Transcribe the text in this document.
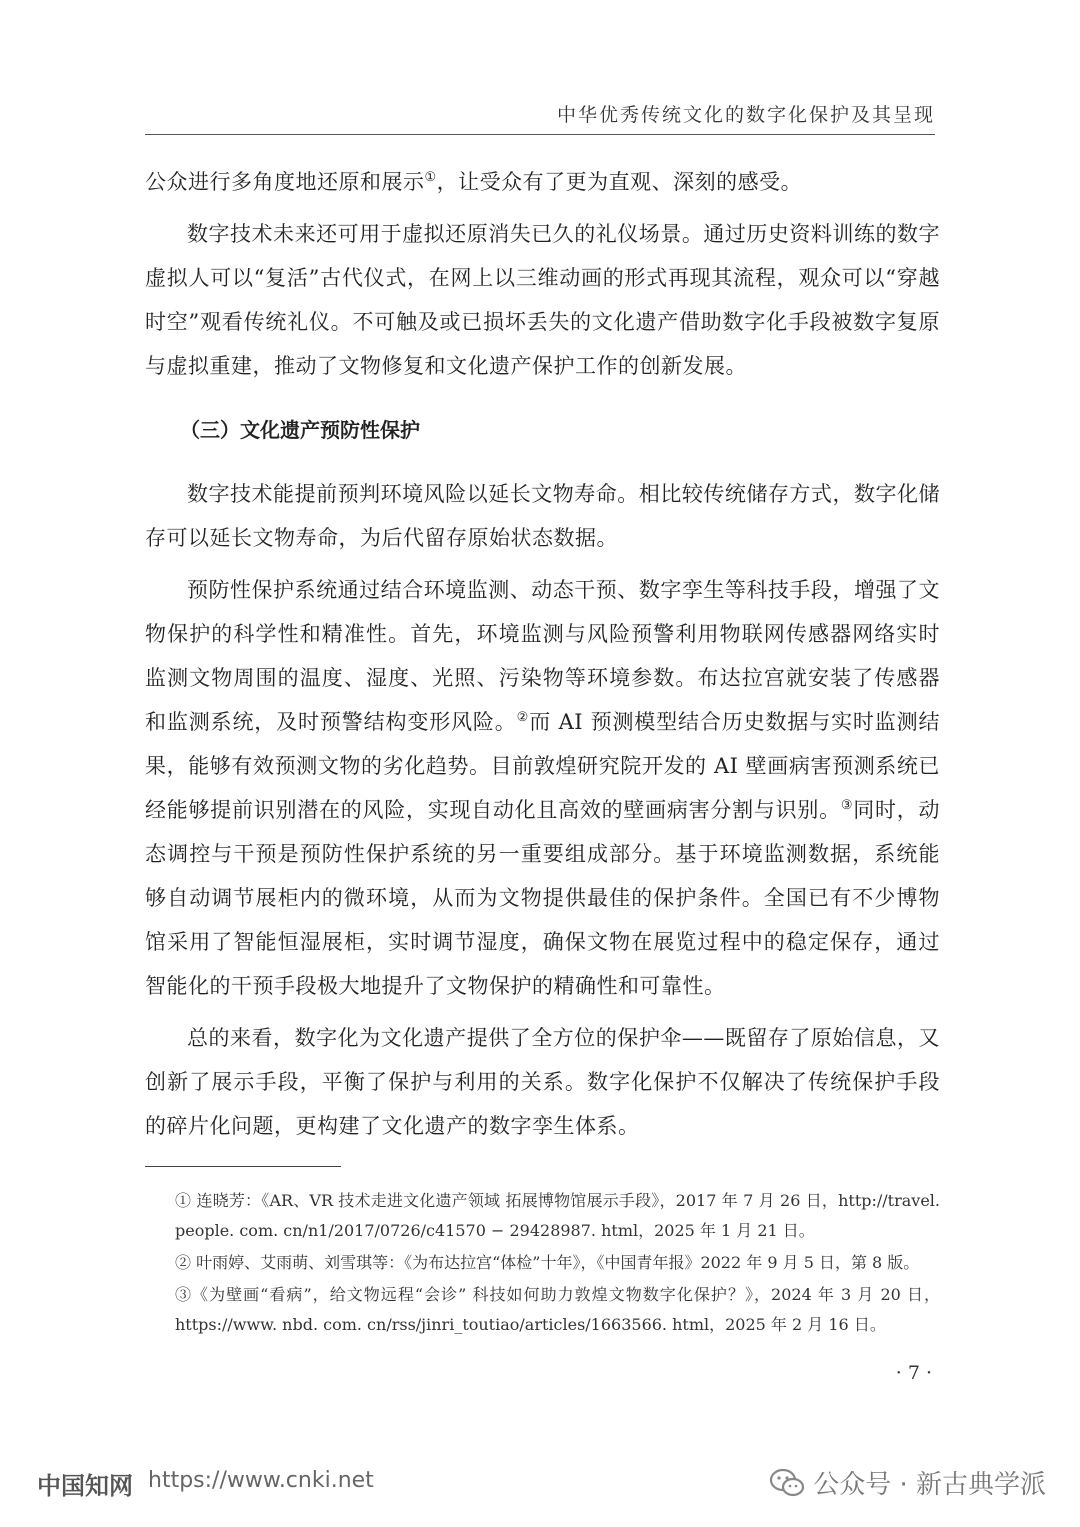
中华优秀传统文化的数字化保护及其呈现

公众进行多角度地还原和展示①，让受众有了更为直观、深刻的感受。

数字技术未来还可用于虚拟还原消失已久的礼仪场景。通过历史资料训练的数字虚拟人可以“复活”古代仪式，在网上以三维动画的形式再现其流程，观众可以“穿越时空”观看传统礼仪。不可触及或已损坏丢失的文化遗产借助数字化手段被数字复原与虚拟重建，推动了文物修复和文化遗产保护工作的创新发展。

（三）文化遗产预防性保护

数字技术能提前预判环境风险以延长文物寿命。相比较传统储存方式，数字化储存可以延长文物寿命，为后代留存原始状态数据。

预防性保护系统通过结合环境监测、动态干预、数字孪生等科技手段，增强了文物保护的科学性和精准性。首先，环境监测与风险预警利用物联网传感器网络实时监测文物周围的温度、湿度、光照、污染物等环境参数。布达拉宫就安装了传感器和监测系统，及时预警结构变形风险。②而 AI 预测模型结合历史数据与实时监测结果，能够有效预测文物的劣化趋势。目前敦煌研究院开发的 AI 壁画病害预测系统已经能够提前识别潜在的风险，实现自动化且高效的壁画病害分割与识别。③同时，动态调控与干预是预防性保护系统的另一重要组成部分。基于环境监测数据，系统能够自动调节展柜内的微环境，从而为文物提供最佳的保护条件。全国已有不少博物馆采用了智能恒湿展柜，实时调节湿度，确保文物在展览过程中的稳定保存，通过智能化的干预手段极大地提升了文物保护的精确性和可靠性。

总的来看，数字化为文化遗产提供了全方位的保护伞——既留存了原始信息，又创新了展示手段，平衡了保护与利用的关系。数字化保护不仅解决了传统保护手段的碎片化问题，更构建了文化遗产的数字孪生体系。

① 连晓芳：《AR、VR 技术走进文化遗产领域 拓展博物馆展示手段》，2017 年 7 月 26 日，http://travel. people. com. cn/n1/2017/0726/c41570 − 29428987. html，2025 年 1 月 21 日。
② 叶雨婷、艾雨萌、刘雪琪等：《为布达拉宫“体检”十年》，《中国青年报》2022 年 9 月 5 日，第 8 版。
③《为壁画“看病”，给文物远程“会诊” 科技如何助力敦煌文物数字化保护？》，2024 年 3 月 20 日，https://www. nbd. com. cn/rss/jinri_toutiao/articles/1663566. html，2025 年 2 月 16 日。
· 7 ·
中国知网 https://www.cnki.net	公众号 · 新古典学派
